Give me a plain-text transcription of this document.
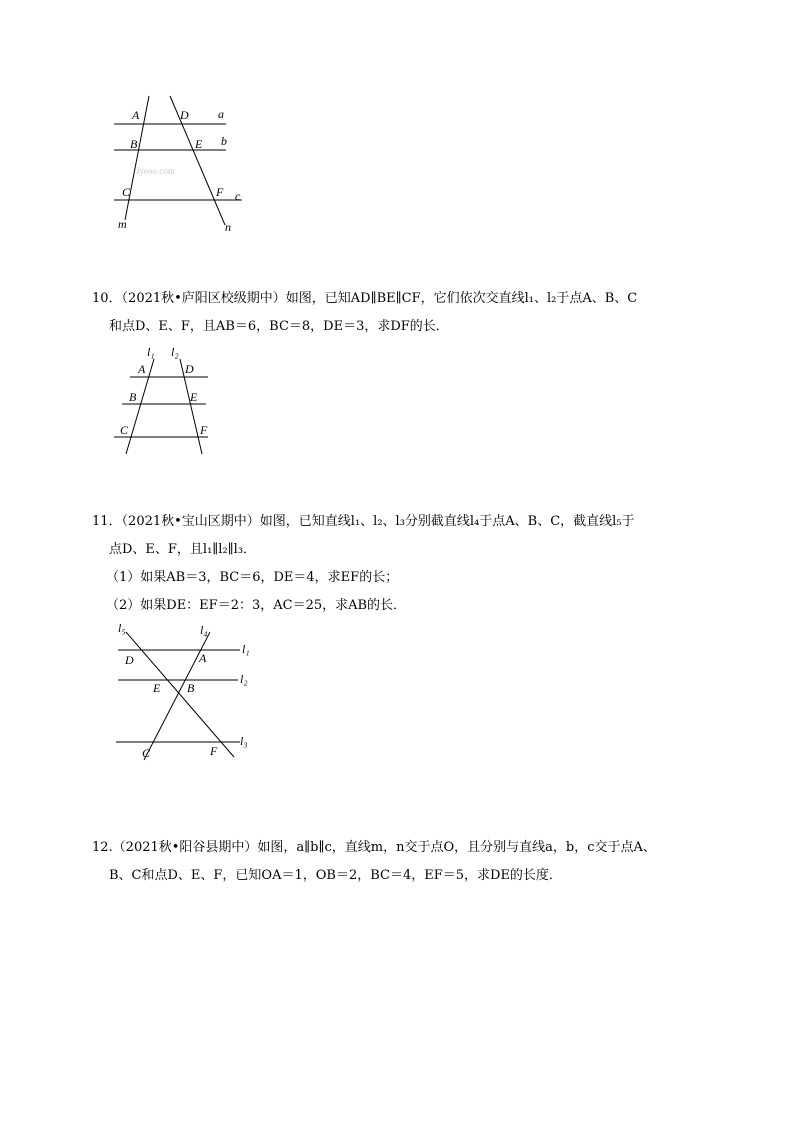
A	D a
B	E b
C	F c
m	n
Jyeoo.com

10．（2021秋•庐阳区校级期中）如图，已知AD∥BE∥CF，它们依次交直线l₁、l₂于点A、B、C

和点D、E、F，且AB＝6，BC＝8，DE＝3，求DF的长．

l₁ l₂
A	D
B	E
C	F

11．（2021秋•宝山区期中）如图，已知直线l₁、l₂、l₃分别截直线l₄于点A、B、C，截直线l₅于

点D、E、F，且l₁∥l₂∥l₃．

（1）如果AB＝3，BC＝6，DE＝4，求EF的长；

（2）如果DE：EF＝2：3，AC＝25，求AB的长．

l₅	l₄
l₁
l₂
l₃
D	A
E B
C	F

12.（2021秋•阳谷县期中）如图，a∥b∥c，直线m，n交于点O，且分别与直线a，b，c交于点A、

B、C和点D、E、F，已知OA＝1，OB＝2，BC＝4，EF＝5，求DE的长度．
